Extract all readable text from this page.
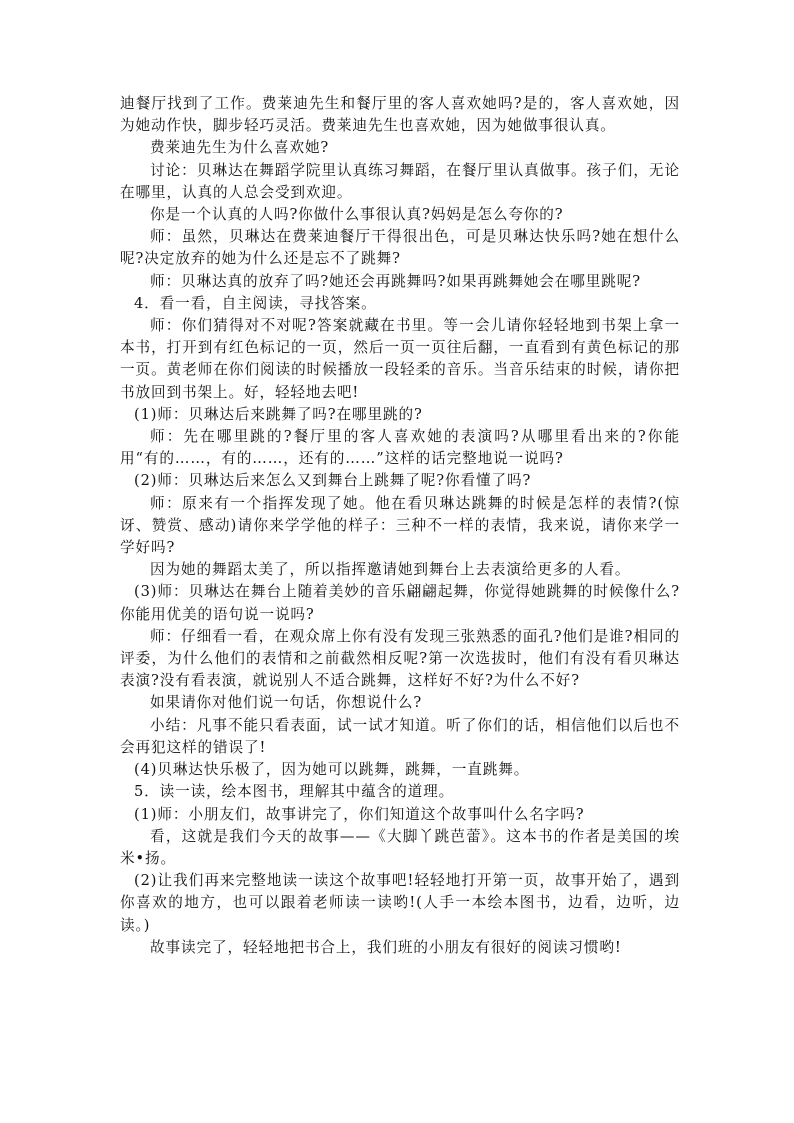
迪餐厅找到了工作。费莱迪先生和餐厅里的客人喜欢她吗?是的，客人喜欢她，因为她动作快，脚步轻巧灵活。费莱迪先生也喜欢她，因为她做事很认真。

费莱迪先生为什么喜欢她?

讨论：贝琳达在舞蹈学院里认真练习舞蹈，在餐厅里认真做事。孩子们，无论在哪里，认真的人总会受到欢迎。

你是一个认真的人吗?你做什么事很认真?妈妈是怎么夸你的?

师：虽然，贝琳达在费莱迪餐厅干得很出色，可是贝琳达快乐吗?她在想什么呢?决定放弃的她为什么还是忘不了跳舞?

师：贝琳达真的放弃了吗?她还会再跳舞吗?如果再跳舞她会在哪里跳呢?

4．看一看，自主阅读，寻找答案。

师：你们猜得对不对呢?答案就藏在书里。等一会儿请你轻轻地到书架上拿一本书，打开到有红色标记的一页，然后一页一页往后翻，一直看到有黄色标记的那一页。黄老师在你们阅读的时候播放一段轻柔的音乐。当音乐结束的时候，请你把书放回到书架上。好，轻轻地去吧!

(1)师：贝琳达后来跳舞了吗?在哪里跳的?

师：先在哪里跳的?餐厅里的客人喜欢她的表演吗?从哪里看出来的?你能用“有的……，有的……，还有的……”这样的话完整地说一说吗?

(2)师：贝琳达后来怎么又到舞台上跳舞了呢?你看懂了吗?

师：原来有一个指挥发现了她。他在看贝琳达跳舞的时候是怎样的表情?(惊讶、赞赏、感动)请你来学学他的样子：三种不一样的表情，我来说，请你来学一学好吗?

因为她的舞蹈太美了，所以指挥邀请她到舞台上去表演给更多的人看。

(3)师：贝琳达在舞台上随着美妙的音乐翩翩起舞，你觉得她跳舞的时候像什么?你能用优美的语句说一说吗?

师：仔细看一看，在观众席上你有没有发现三张熟悉的面孔?他们是谁?相同的评委，为什么他们的表情和之前截然相反呢?第一次选拔时，他们有没有看贝琳达表演?没有看表演，就说别人不适合跳舞，这样好不好?为什么不好?

如果请你对他们说一句话，你想说什么?

小结：凡事不能只看表面，试一试才知道。听了你们的话，相信他们以后也不会再犯这样的错误了!

(4)贝琳达快乐极了，因为她可以跳舞，跳舞，一直跳舞。

5．读一读，绘本图书，理解其中蕴含的道理。

(1)师：小朋友们，故事讲完了，你们知道这个故事叫什么名字吗?

看，这就是我们今天的故事——《大脚丫跳芭蕾》。这本书的作者是美国的埃米•扬。

(2)让我们再来完整地读一读这个故事吧!轻轻地打开第一页，故事开始了，遇到你喜欢的地方，也可以跟着老师读一读哟!(人手一本绘本图书，边看，边听，边读。)

故事读完了，轻轻地把书合上，我们班的小朋友有很好的阅读习惯哟!
